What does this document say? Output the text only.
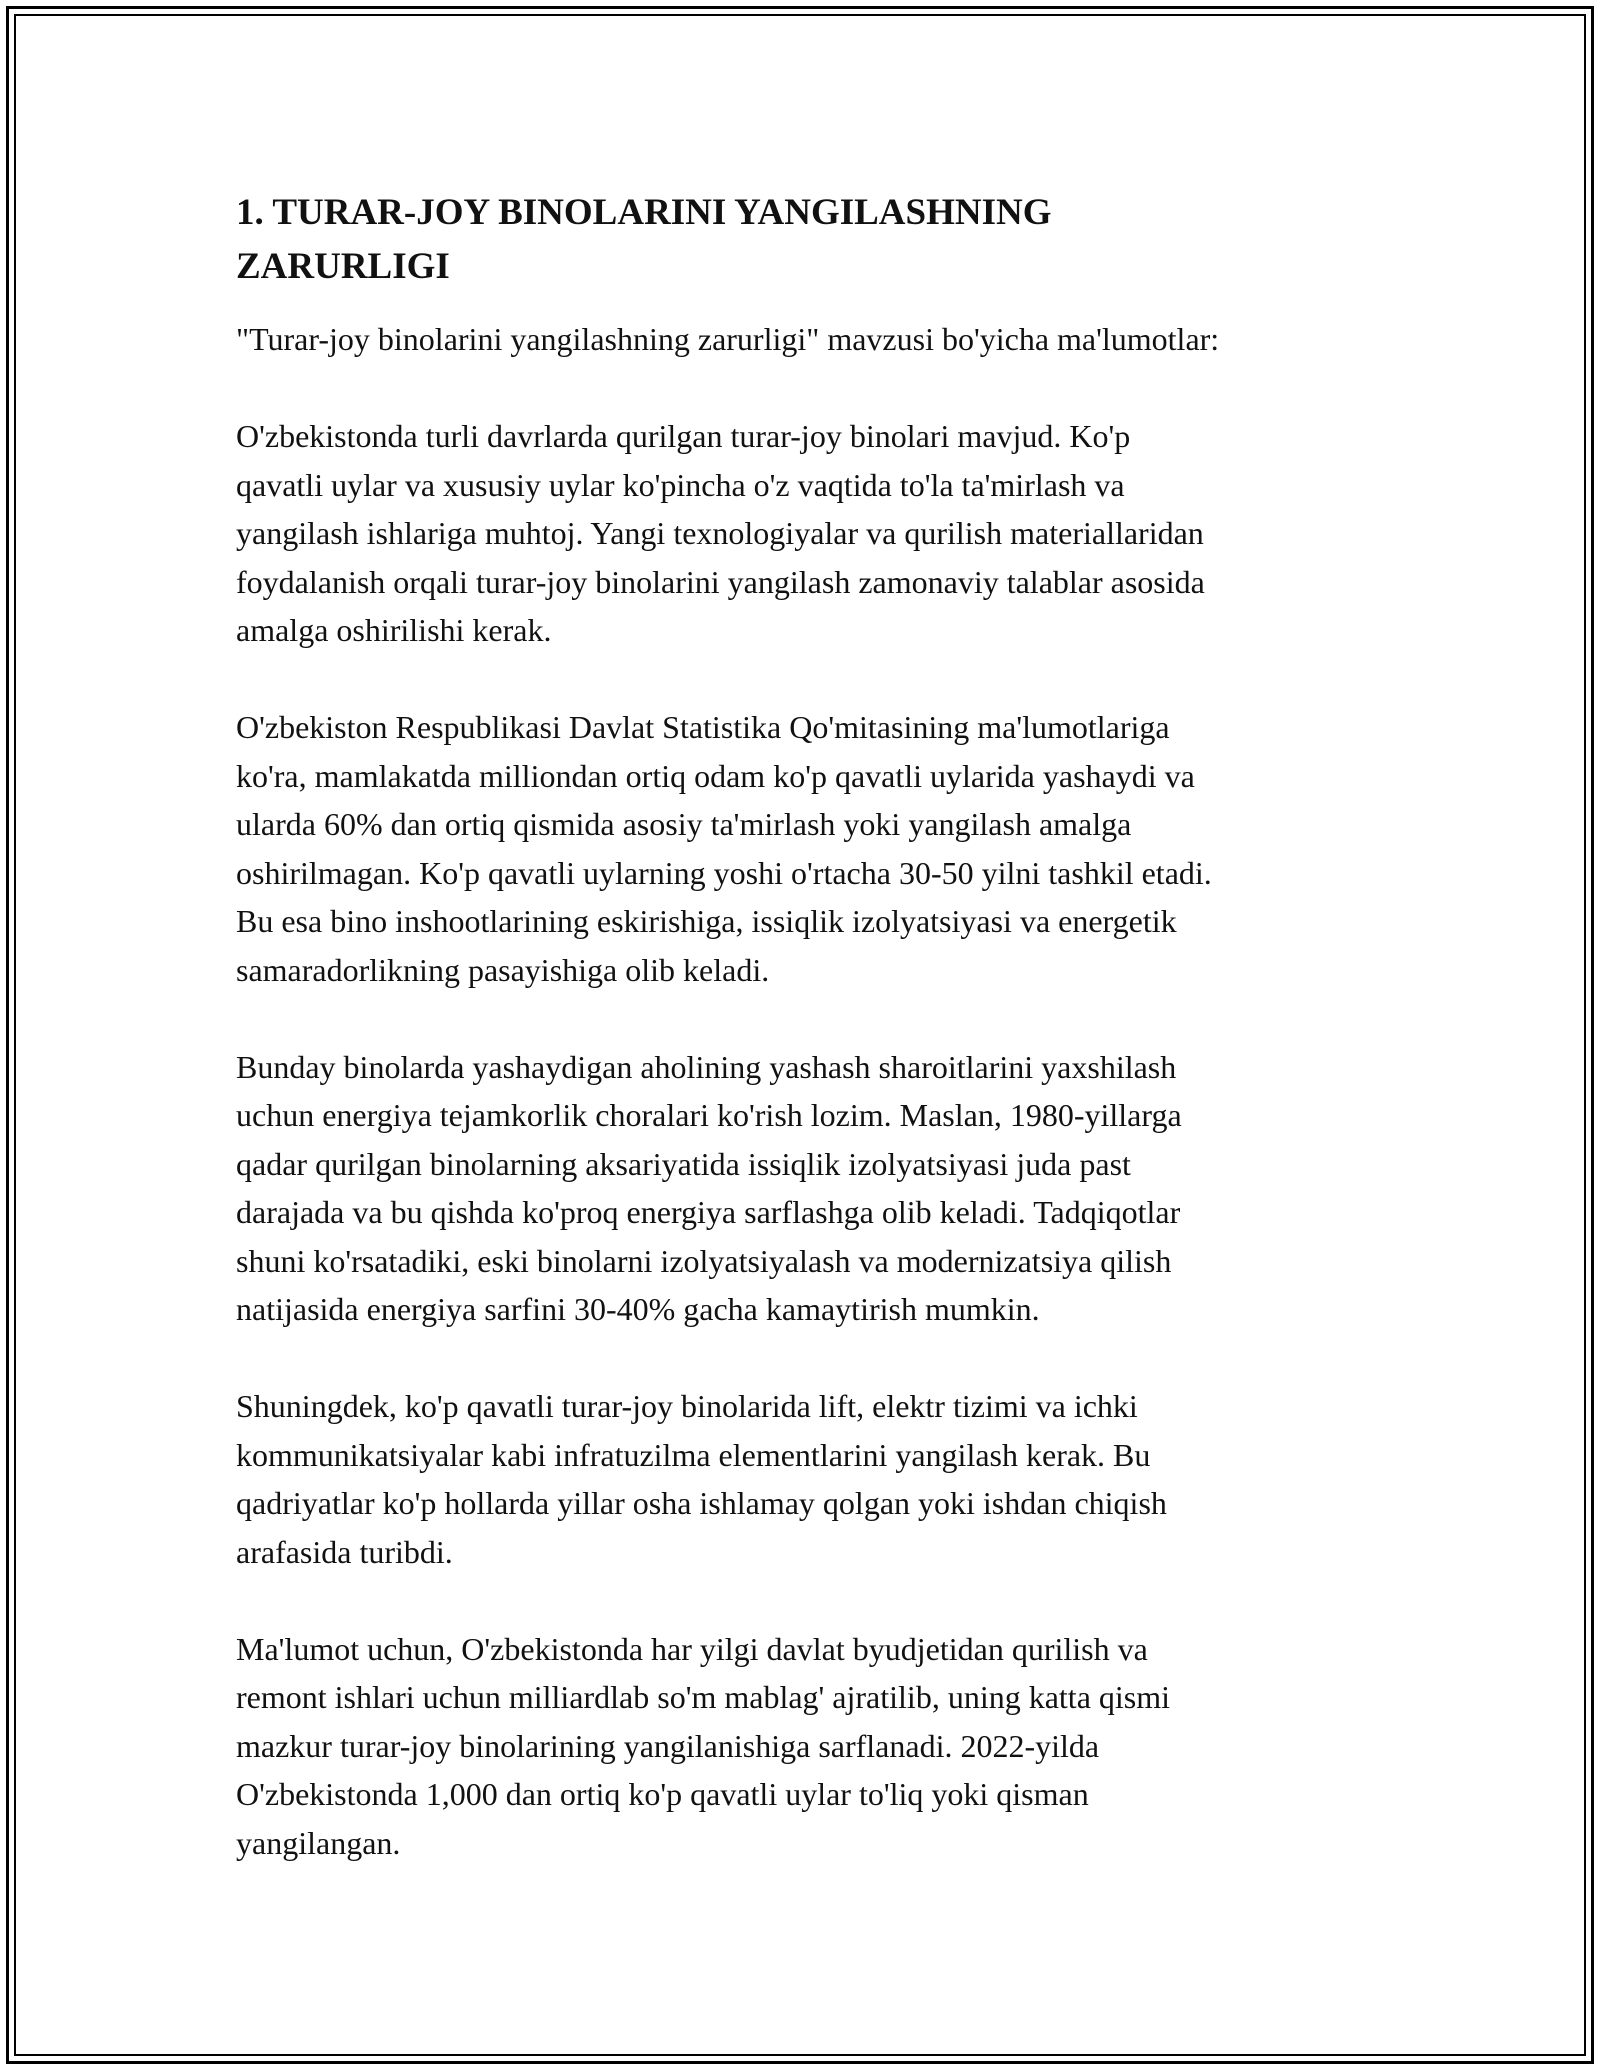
1. TURAR-JOY BINOLARINI YANGILASHNING
ZARURLIGI

"Turar-joy binolarini yangilashning zarurligi" mavzusi bo'yicha ma'lumotlar:

O'zbekistonda turli davrlarda qurilgan turar-joy binolari mavjud. Ko'p
qavatli uylar va xususiy uylar ko'pincha o'z vaqtida to'la ta'mirlash va
yangilash ishlariga muhtoj. Yangi texnologiyalar va qurilish materiallaridan
foydalanish orqali turar-joy binolarini yangilash zamonaviy talablar asosida
amalga oshirilishi kerak.

O'zbekiston Respublikasi Davlat Statistika Qo'mitasining ma'lumotlariga
ko'ra, mamlakatda milliondan ortiq odam ko'p qavatli uylarida yashaydi va
ularda 60% dan ortiq qismida asosiy ta'mirlash yoki yangilash amalga
oshirilmagan. Ko'p qavatli uylarning yoshi o'rtacha 30-50 yilni tashkil etadi.
Bu esa bino inshootlarining eskirishiga, issiqlik izolyatsiyasi va energetik
samaradorlikning pasayishiga olib keladi.

Bunday binolarda yashaydigan aholining yashash sharoitlarini yaxshilash
uchun energiya tejamkorlik choralari ko'rish lozim. Maslan, 1980-yillarga
qadar qurilgan binolarning aksariyatida issiqlik izolyatsiyasi juda past
darajada va bu qishda ko'proq energiya sarflashga olib keladi. Tadqiqotlar
shuni ko'rsatadiki, eski binolarni izolyatsiyalash va modernizatsiya qilish
natijasida energiya sarfini 30-40% gacha kamaytirish mumkin.

Shuningdek, ko'p qavatli turar-joy binolarida lift, elektr tizimi va ichki
kommunikatsiyalar kabi infratuzilma elementlarini yangilash kerak. Bu
qadriyatlar ko'p hollarda yillar osha ishlamay qolgan yoki ishdan chiqish
arafasida turibdi.

Ma'lumot uchun, O'zbekistonda har yilgi davlat byudjetidan qurilish va
remont ishlari uchun milliardlab so'm mablag' ajratilib, uning katta qismi
mazkur turar-joy binolarining yangilanishiga sarflanadi. 2022-yilda
O'zbekistonda 1,000 dan ortiq ko'p qavatli uylar to'liq yoki qisman
yangilangan.
